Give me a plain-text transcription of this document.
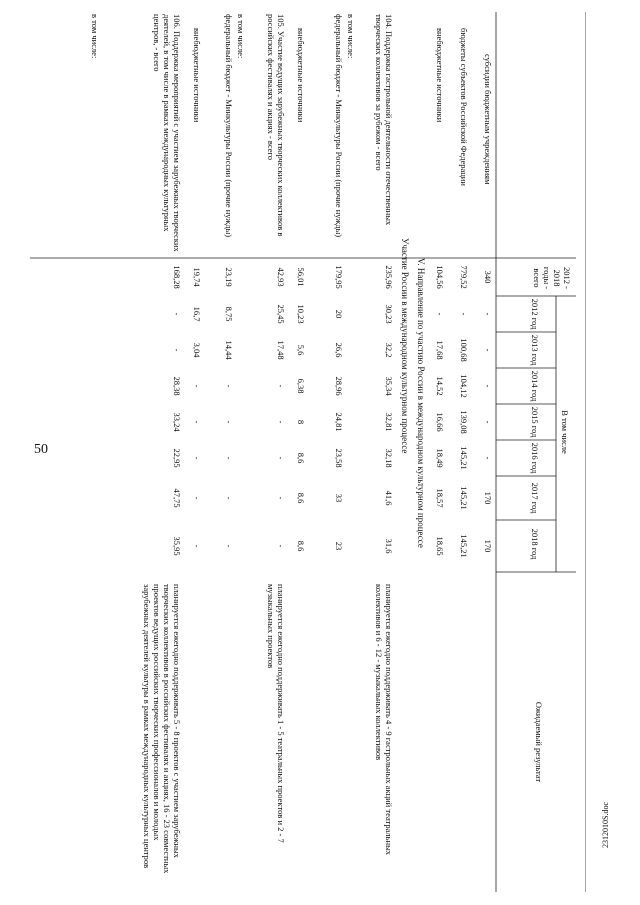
50
2312010S.doc
2012 - 2018 годы - всего
В том числе
2012 год
2013 год
2014 год
2015 год
2016 год
2017 год
2018 год
Ожидаемый результат
субсидии бюджетным учреждениям
340
-
-
-
-
-
170
170
бюджеты субъектов Российской Федерации
779,52
-
100,68
104,12
139,08
145,21
145,21
145,21
внебюджетные источники
104,56
-
17,68
14,52
16,66
18,49
18,57
18,65
V. Направление по участию России в международном культурном процессе
Участие России в международном культурном процессе
104. Поддержка гастрольной деятельности отечественных творческих коллективов за рубежом - всего
235,96
30,23
32,2
35,34
32,81
32,18
41,6
31,6
планируется ежегодно поддерживать 4 - 9 гастрольных акций театральных коллективов и 6 - 12 - музыкальных коллективов
в том числе:
федеральный бюджет - Минкультуры России (прочие нужды)
179,95
20
26,6
28,96
24,81
23,58
33
23
внебюджетные источники
56,01
10,23
5,6
6,38
8
8,6
8,6
8,6
105. Участие ведущих зарубежных творческих коллективов в российских фестивалях и акциях - всего
42,93
25,45
17,48
-
-
-
-
-
планируется ежегодно поддерживать 1 - 5 театральных проектов и 2 - 7 музыкальных проектов
в том числе:
федеральный бюджет - Минкультуры России (прочие нужды)
23,19
8,75
14,44
-
-
-
-
-
внебюджетные источники
19,74
16,7
3,04
-
-
-
-
-
106. Поддержка мероприятий с участием зарубежных творческих деятелей, в том числе в рамках международных культурных центров, - всего
168,28
-
-
28,38
33,24
22,95
47,75
35,95
планируется ежегодно поддерживать 5 - 8 проектов с участием зарубежных творческих коллективов в российских фестивалях и акциях, 16 - 23 совместных проектов ведущих российских творческих профессионалов и молодых зарубежных деятелей культуры в рамках международных культурных центров
в том числе:
